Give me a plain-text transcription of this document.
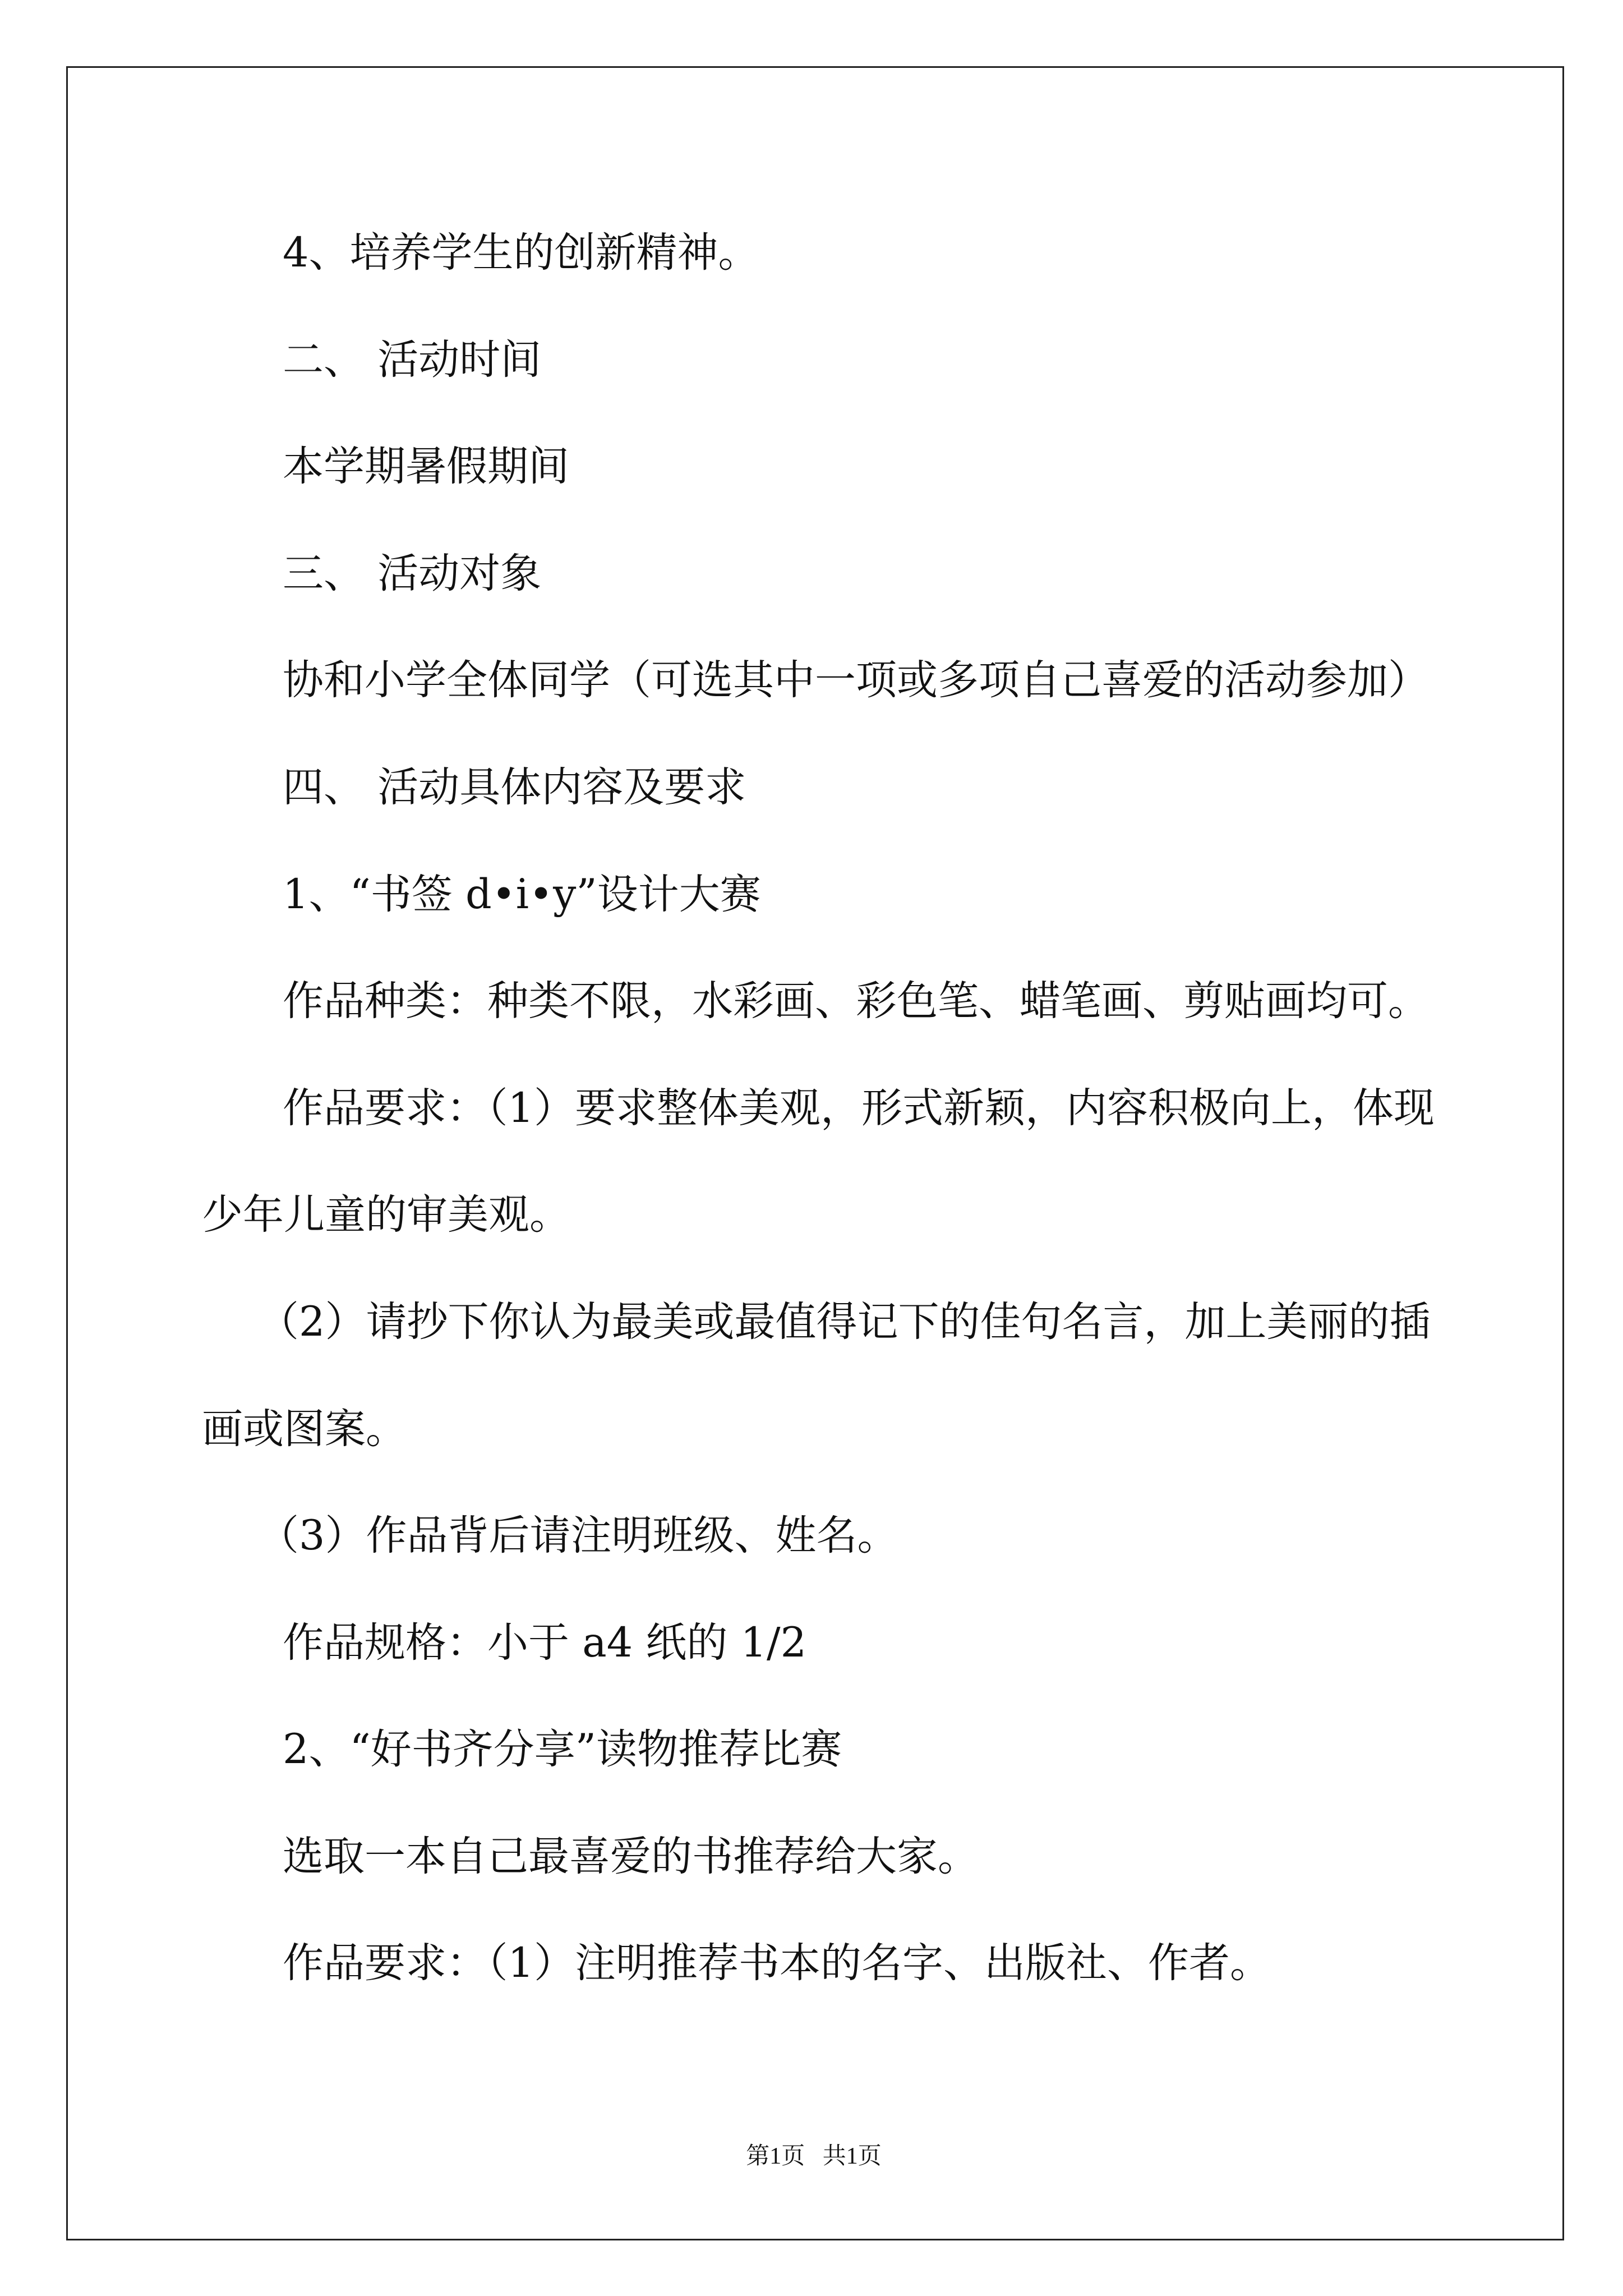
4、培养学生的创新精神。
二、 活动时间
本学期暑假期间
三、 活动对象
协和小学全体同学（可选其中一项或多项自己喜爱的活动参加）
四、 活动具体内容及要求
1、“书签 d•i•y”设计大赛
作品种类：种类不限，水彩画、彩色笔、蜡笔画、剪贴画均可。
作品要求：（1）要求整体美观，形式新颖，内容积极向上，体现
少年儿童的审美观。
（2）请抄下你认为最美或最值得记下的佳句名言，加上美丽的插
画或图案。
（3）作品背后请注明班级、姓名。
作品规格：小于 a4 纸的 1/2
2、“好书齐分享”读物推荐比赛
选取一本自己最喜爱的书推荐给大家。
作品要求：（1）注明推荐书本的名字、出版社、作者。
第1页   共1页
